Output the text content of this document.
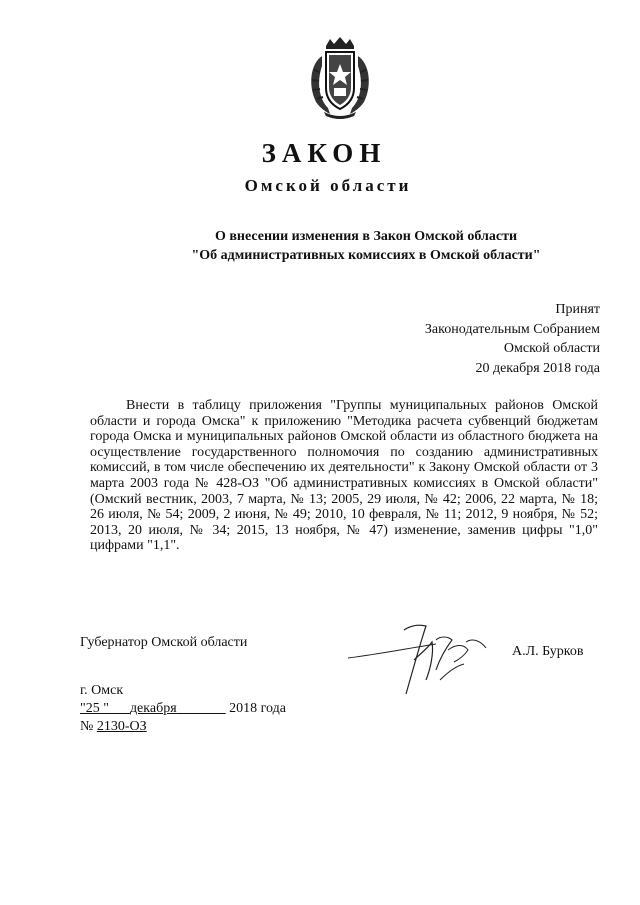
ЗАКОН
Омской области
О внесении изменения в Закон Омской области
"Об административных комиссиях в Омской области"
Принят
Законодательным Собранием
Омской области
20 декабря 2018 года

Внести в таблицу приложения "Группы муниципальных районов Омской области и города Омска" к приложению "Методика расчета субвенций бюджетам города Омска и муниципальных районов Омской области из областного бюджета на осуществление государственного полномочия по созданию административных комиссий, в том числе обеспечению их деятельности" к Закону Омской области от 3 марта 2003 года № 428-ОЗ "Об административных комиссиях в Омской области" (Омский вестник, 2003, 7 марта, № 13; 2005, 29 июля, № 42; 2006, 22 марта, № 18; 26 июля, № 54; 2009, 2 июня, № 49; 2010, 10 февраля, № 11; 2012, 9 ноября, № 52; 2013, 20 июля, № 34; 2015, 13 ноября, № 47) изменение, заменив цифры "1,0" цифрами "1,1".

Губернатор Омской области
А.Л. Бурков
г. Омск
"25 " декабря	2018 года
№ 2130-ОЗ
